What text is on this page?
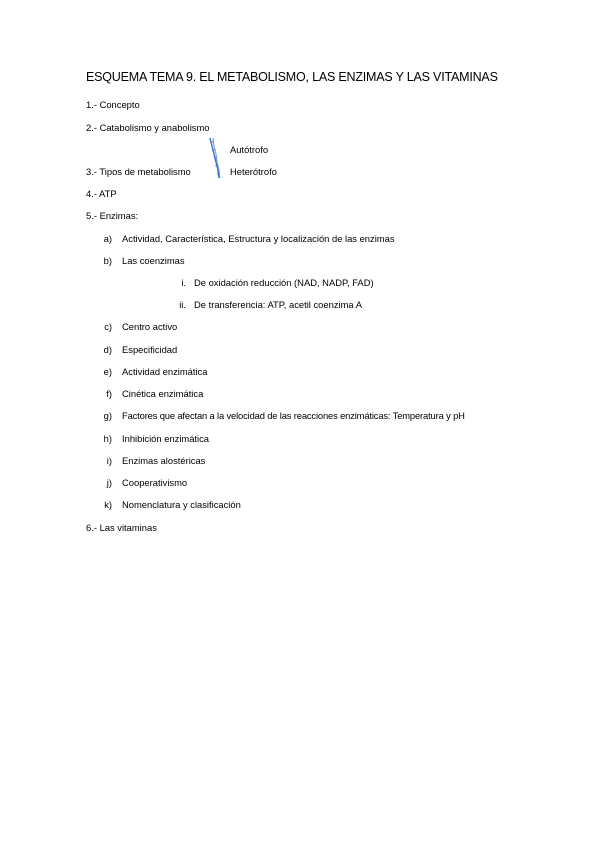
ESQUEMA TEMA 9. EL METABOLISMO, LAS ENZIMAS Y LAS VITAMINAS
1.- Concepto
2.- Catabolismo y anabolismo
Autótrofo
3.- Tipos de metabolismo	Heterótrofo
4.- ATP
5.- Enzimas:
a) Actividad, Característica, Estructura y localización de las enzimas
b) Las coenzimas
i. De oxidación reducción (NAD, NADP, FAD)
ii. De transferencia: ATP, acetil coenzima A
c) Centro activo
d) Especificidad
e) Actividad enzimática
f) Cinética enzimática
g) Factores que afectan a la velocidad de las reacciones enzimáticas: Temperatura y pH
h) Inhibición enzimática
i) Enzimas alostéricas
j) Cooperativismo
k) Nomenclatura y clasificación
6.- Las vitaminas
